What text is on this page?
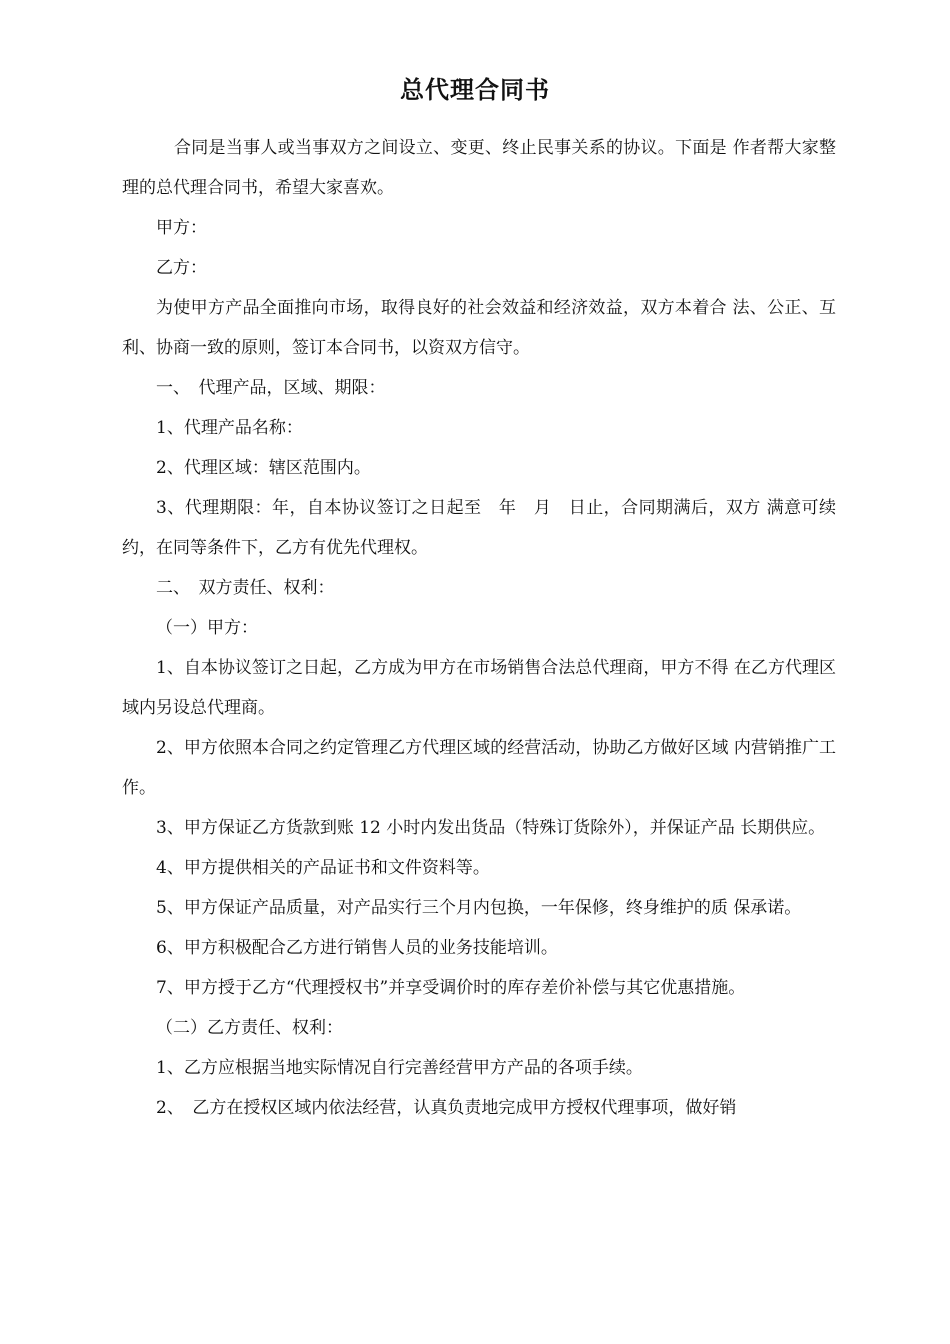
总代理合同书

合同是当事人或当事双方之间设立、变更、终止民事关系的协议。下面是 作者帮大家整理的总代理合同书，希望大家喜欢。

甲方：

乙方：

为使甲方产品全面推向市场，取得良好的社会效益和经济效益，双方本着合 法、公正、互利、协商一致的原则，签订本合同书，以资双方信守。

一、　代理产品，区域、期限：

1、代理产品名称：

2、代理区域：辖区范围内。

3、代理期限：年，自本协议签订之日起至　年　月　日止，合同期满后，双方 满意可续约，在同等条件下，乙方有优先代理权。

二、　双方责任、权利：

（一）甲方：

1、自本协议签订之日起，乙方成为甲方在市场销售合法总代理商，甲方不得 在乙方代理区域内另设总代理商。

2、甲方依照本合同之约定管理乙方代理区域的经营活动，协助乙方做好区域 内营销推广工作。

3、甲方保证乙方货款到账 12 小时内发出货品（特殊订货除外），并保证产品 长期供应。

4、甲方提供相关的产品证书和文件资料等。

5、甲方保证产品质量，对产品实行三个月内包换，一年保修，终身维护的质 保承诺。

6、甲方积极配合乙方进行销售人员的业务技能培训。

7、甲方授于乙方“代理授权书”并享受调价时的库存差价补偿与其它优惠措施。

（二）乙方责任、权利：

1、乙方应根据当地实际情况自行完善经营甲方产品的各项手续。

2、　乙方在授权区域内依法经营，认真负责地完成甲方授权代理事项，做好销
